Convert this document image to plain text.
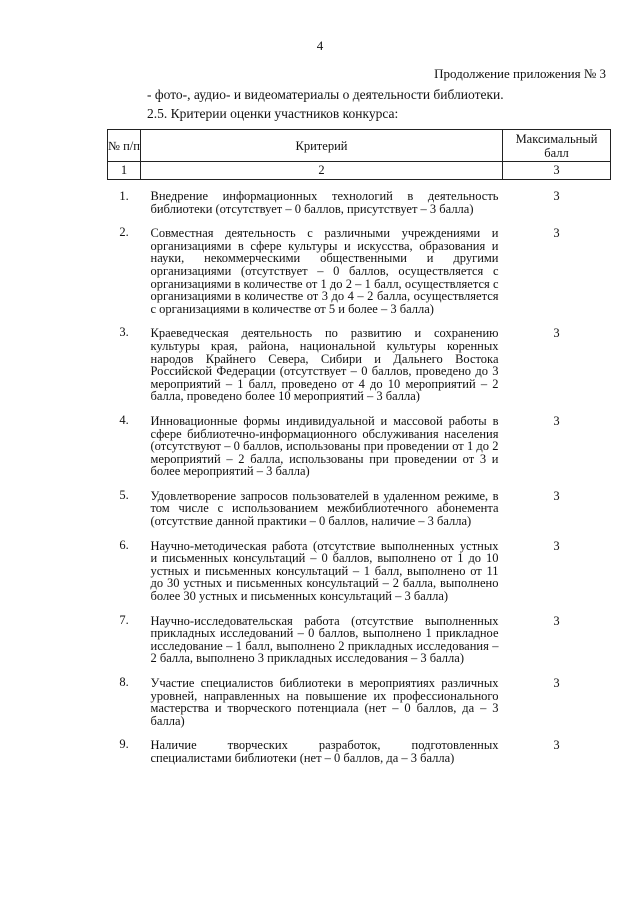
4
Продолжение приложения № 3
- фото-, аудио- и видеоматериалы о деятельности библиотеки.
2.5. Критерии оценки участников конкурса:
№ п/п	Критерий	Максимальный балл
1	2	3
1.	Внедрение информационных технологий в деятельность библиотеки (отсутствует – 0 баллов, присутствует – 3 балла)	3
2.	Совместная деятельность с различными учреждениями и организациями в сфере культуры и искусства, образования и науки, некоммерческими общественными и другими организациями (отсутствует – 0 баллов, осуществляется с организациями в количестве от 1 до 2 – 1 балл, осуществляется с организациями в количестве от 3 до 4 – 2 балла, осуществляется с организациями в количестве от 5 и более – 3 балла)	3
3.	Краеведческая деятельность по развитию и сохранению культуры края, района, национальной культуры коренных народов Крайнего Севера, Сибири и Дальнего Востока Российской Федерации (отсутствует – 0 баллов, проведено до 3 мероприятий – 1 балл, проведено от 4 до 10 мероприятий – 2 балла, проведено более 10 мероприятий – 3 балла)	3
4.	Инновационные формы индивидуальной и массовой работы в сфере библиотечно-информационного обслуживания населения (отсутствуют – 0 баллов, использованы при проведении от 1 до 2 мероприятий – 2 балла, использованы при проведении от 3 и более мероприятий – 3 балла)	3
5.	Удовлетворение запросов пользователей в удаленном режиме, в том числе с использованием межбиблиотечного абонемента (отсутствие данной практики – 0 баллов, наличие – 3 балла)	3
6.	Научно-методическая работа (отсутствие выполненных устных и письменных консультаций – 0 баллов, выполнено от 1 до 10 устных и письменных консультаций – 1 балл, выполнено от 11 до 30 устных и письменных консультаций – 2 балла, выполнено более 30 устных и письменных консультаций – 3 балла)	3
7.	Научно-исследовательская работа (отсутствие выполненных прикладных исследований – 0 баллов, выполнено 1 прикладное исследование – 1 балл, выполнено 2 прикладных исследования – 2 балла, выполнено 3 прикладных исследования – 3 балла)	3
8.	Участие специалистов библиотеки в мероприятиях различных уровней, направленных на повышение их профессионального мастерства и творческого потенциала (нет – 0 баллов, да – 3 балла)	3
9.	Наличие творческих разработок, подготовленных специалистами библиотеки (нет – 0 баллов, да – 3 балла)	3
